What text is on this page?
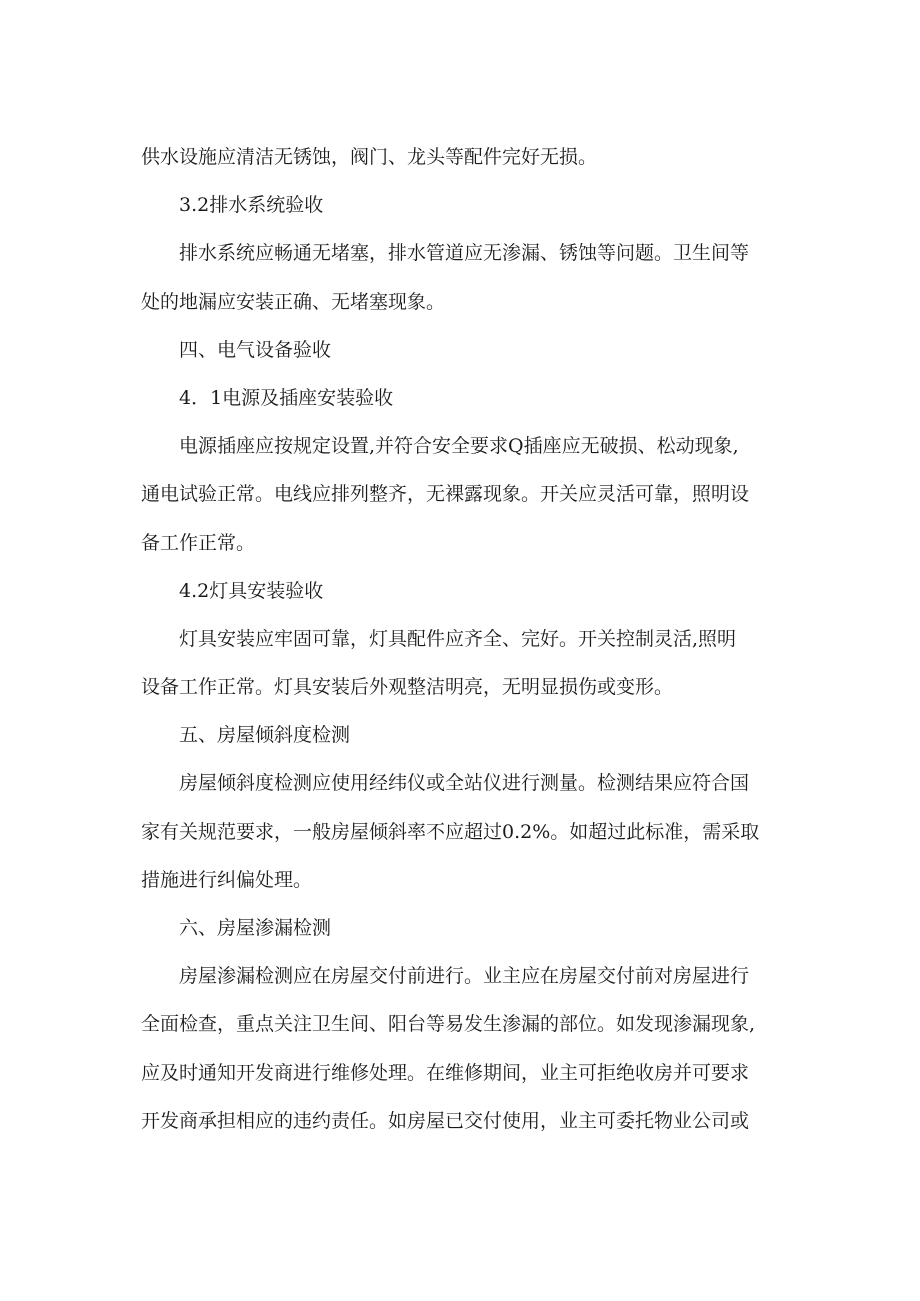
供水设施应清洁无锈蚀，阀门、龙头等配件完好无损。
3.2排水系统验收
排水系统应畅通无堵塞，排水管道应无渗漏、锈蚀等问题。卫生间等
处的地漏应安装正确、无堵塞现象。
四、电气设备验收
4．1电源及插座安装验收
电源插座应按规定设置,并符合安全要求Q插座应无破损、松动现象,
通电试验正常。电线应排列整齐，无裸露现象。开关应灵活可靠，照明设
备工作正常。
4.2灯具安装验收
灯具安装应牢固可靠，灯具配件应齐全、完好。开关控制灵活,照明
设备工作正常。灯具安装后外观整洁明亮，无明显损伤或变形。
五、房屋倾斜度检测
房屋倾斜度检测应使用经纬仪或全站仪进行测量。检测结果应符合国
家有关规范要求，一般房屋倾斜率不应超过0.2%。如超过此标准，需采取
措施进行纠偏处理。
六、房屋渗漏检测
房屋渗漏检测应在房屋交付前进行。业主应在房屋交付前对房屋进行
全面检查，重点关注卫生间、阳台等易发生渗漏的部位。如发现渗漏现象,
应及时通知开发商进行维修处理。在维修期间，业主可拒绝收房并可要求
开发商承担相应的违约责任。如房屋已交付使用，业主可委托物业公司或
